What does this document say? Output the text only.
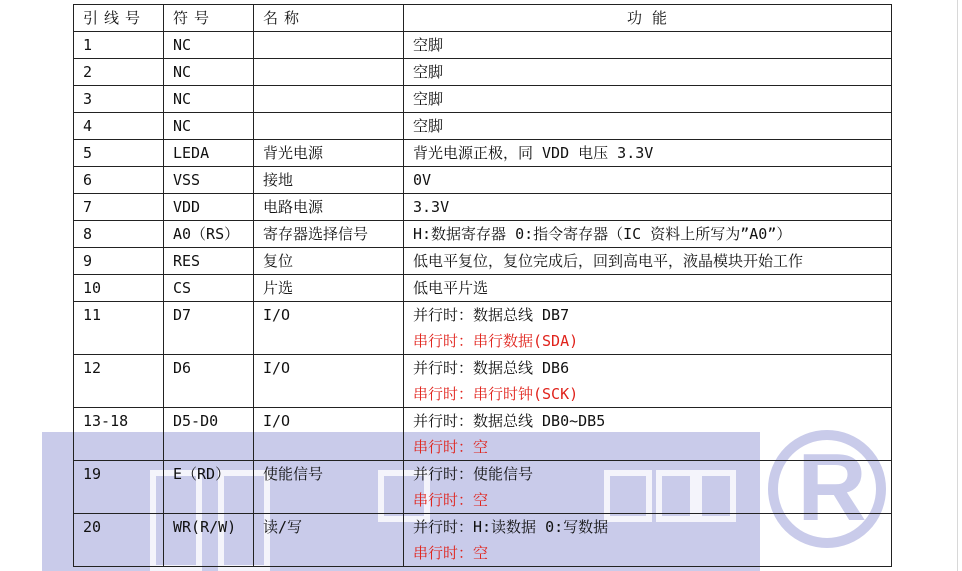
R
引线号	符号	名称	功能
1	NC		空脚

2	NC		空脚

3	NC		空脚

4	NC		空脚

5	LEDA	背光电源	背光电源正极，同 VDD 电压 3.3V

6	VSS	接地	0V

7	VDD	电路电源	3.3V

8	A0（RS）	寄存器选择信号	H:数据寄存器 0:指令寄存器（IC 资料上所写为”A0”）

9	RES	复位	低电平复位，复位完成后，回到高电平，液晶模块开始工作

10	CS	片选	低电平片选

11	D7	I/O	并行时：数据总线 DB7
串行时：串行数据(SDA)

12	D6	I/O	并行时：数据总线 DB6
串行时：串行时钟(SCK)

13-18	D5-D0	I/O	并行时：数据总线 DB0~DB5
串行时：空

19	E（RD）	使能信号	并行时：使能信号
串行时：空

20	WR(R/W)	读/写	并行时：H:读数据 0:写数据
串行时：空
